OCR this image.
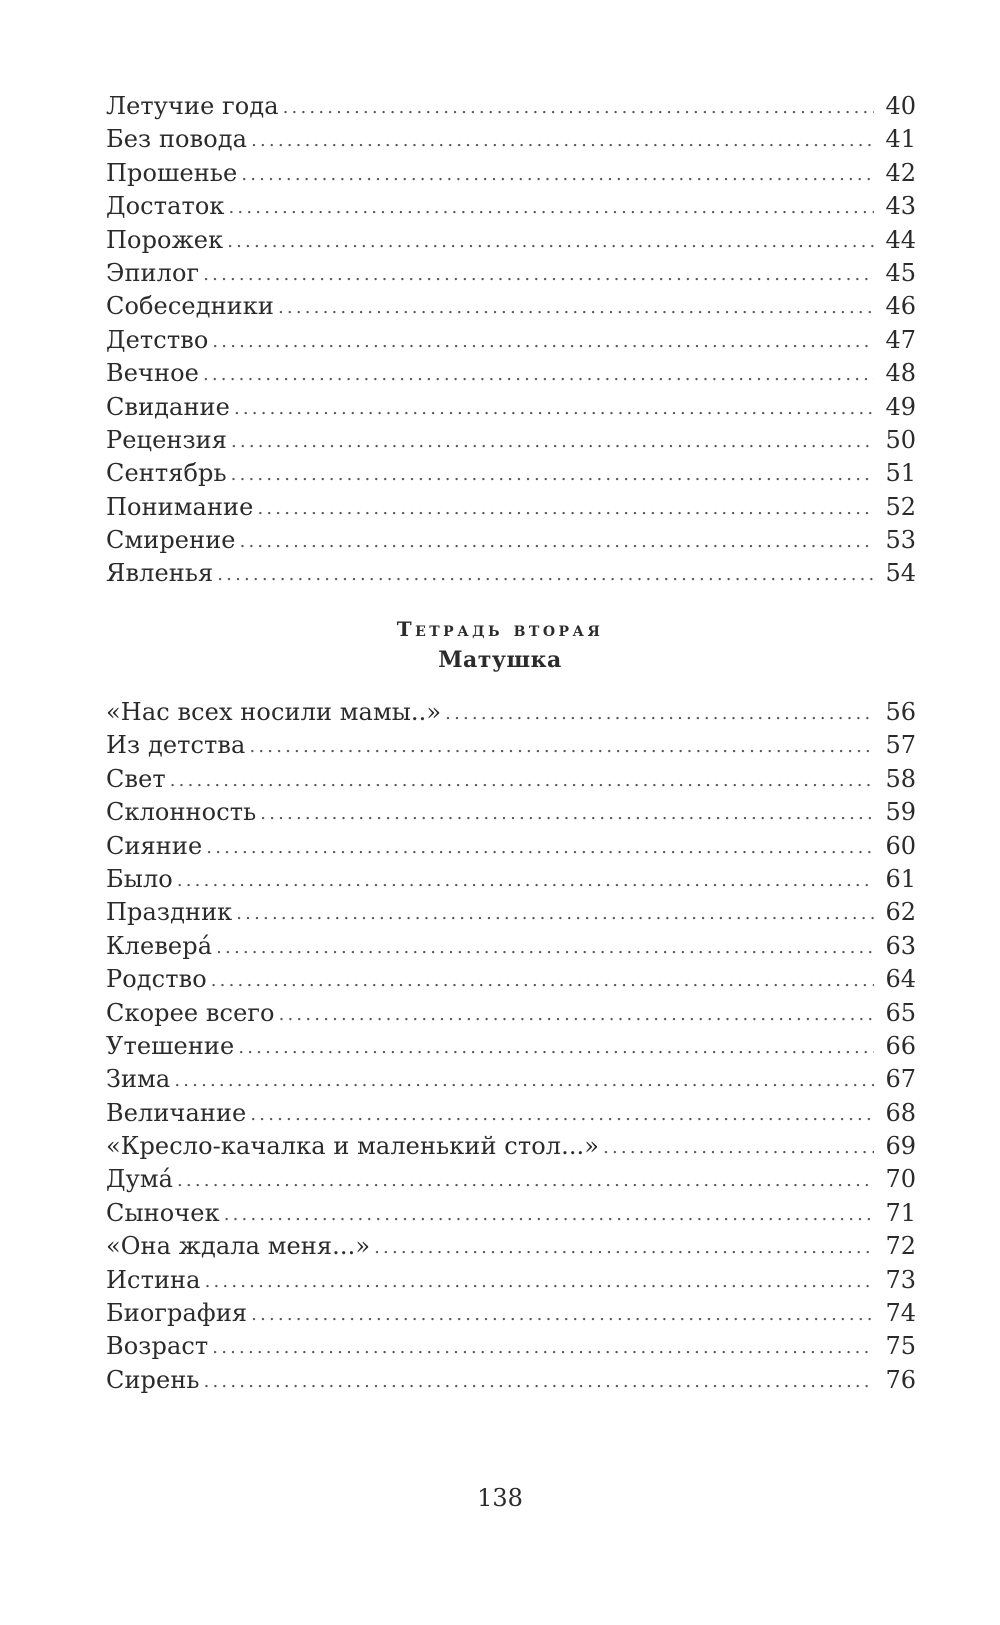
Летучие года .....	40
Без повода .....	41
Прошенье .....	42
Достаток .....	43
Порожек .....	44
Эпилог .....	45
Собеседники .....	46
Детство .....	47
Вечное .....	48
Свидание .....	49
Рецензия .....	50
Сентябрь .....	51
Понимание .....	52
Смирение .....	53
Явленья .....	54
Тетрадь вторая
Матушка
«Нас всех носили мамы..» .....	56
Из детства .....	57
Свет .....	58
Склонность .....	59
Сияние .....	60
Было .....	61
Праздник .....	62
Клевера́ .....	63
Родство .....	64
Скорее всего .....	65
Утешение .....	66
Зима .....	67
Величание .....	68
«Кресло-качалка и маленький стол...» .....	69
Дума́ .....	70
Сыночек .....	71
«Она ждала меня...» .....	72
Истина .....	73
Биография .....	74
Возраст .....	75
Сирень .....	76
138
